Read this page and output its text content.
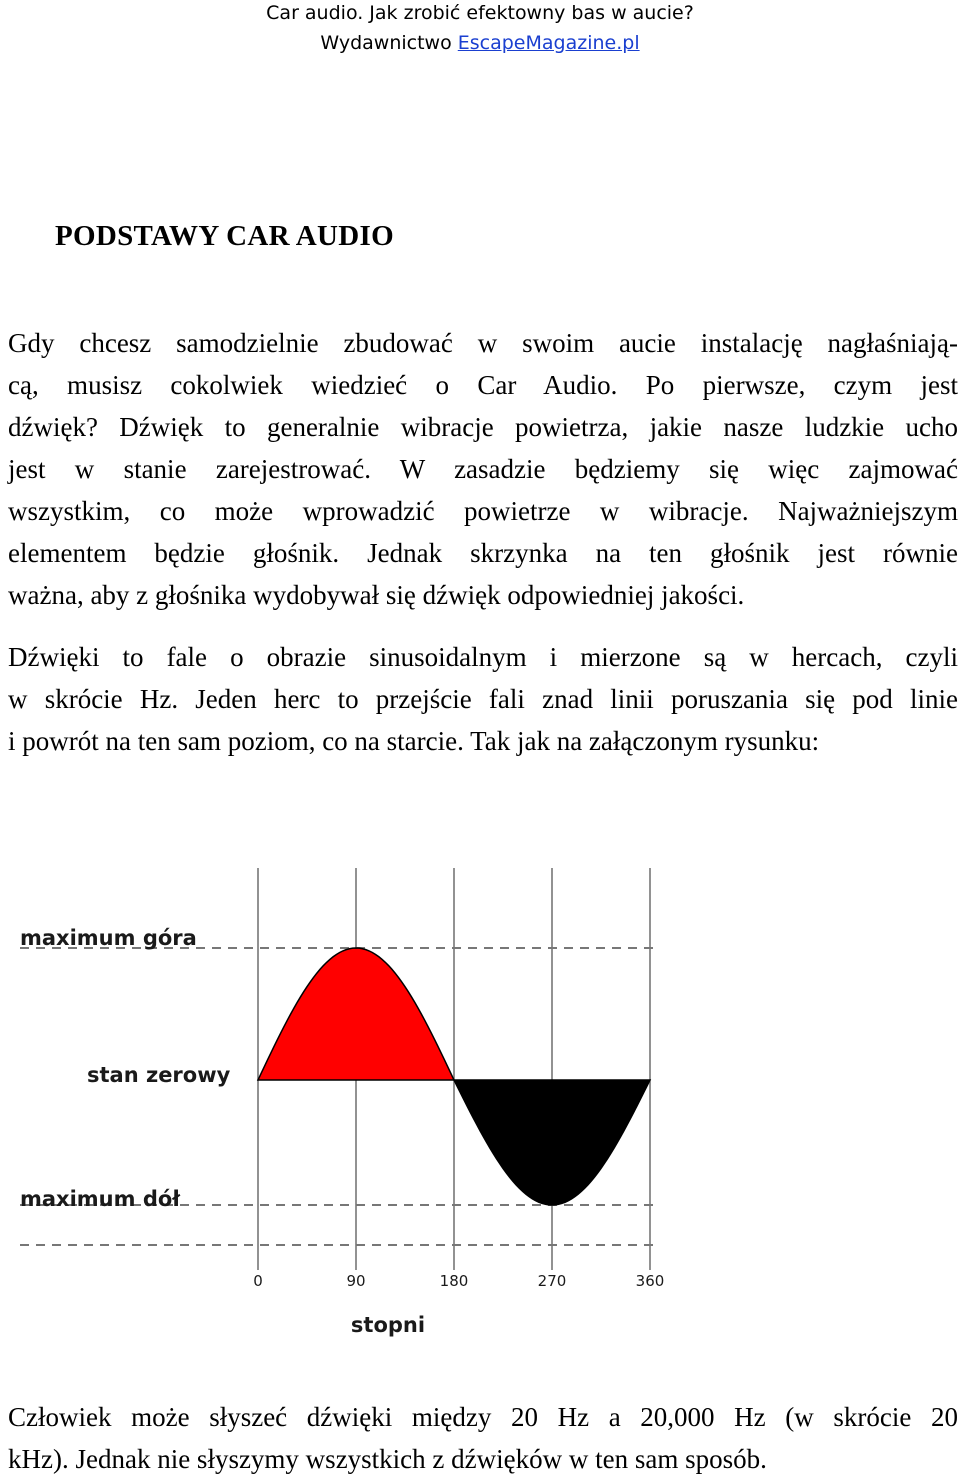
Car audio. Jak zrobić efektowny bas w aucie?
Wydawnictwo EscapeMagazine.pl
PODSTAWY CAR AUDIO
Gdy chcesz samodzielnie zbudować w swoim aucie instalację nagłaśniają-
cą, musisz cokolwiek wiedzieć o Car Audio. Po pierwsze, czym jest
dźwięk? Dźwięk to generalnie wibracje powietrza, jakie nasze ludzkie ucho
jest w stanie zarejestrować. W zasadzie będziemy się więc zajmować
wszystkim, co może wprowadzić powietrze w wibracje. Najważniejszym
elementem będzie głośnik. Jednak skrzynka na ten głośnik jest równie
ważna, aby z głośnika wydobywał się dźwięk odpowiedniej jakości.
Dźwięki to fale o obrazie sinusoidalnym i mierzone są w hercach, czyli
w skrócie Hz. Jeden herc to przejście fali znad linii poruszania się pod linie
i powrót na ten sam poziom, co na starcie. Tak jak na załączonym rysunku:
maximum góra
stan zerowy
maximum dół
0	90	180	270	360
stopni
Człowiek może słyszeć dźwięki między 20 Hz a 20,000 Hz (w skrócie 20
kHz). Jednak nie słyszymy wszystkich z dźwięków w ten sam sposób.
